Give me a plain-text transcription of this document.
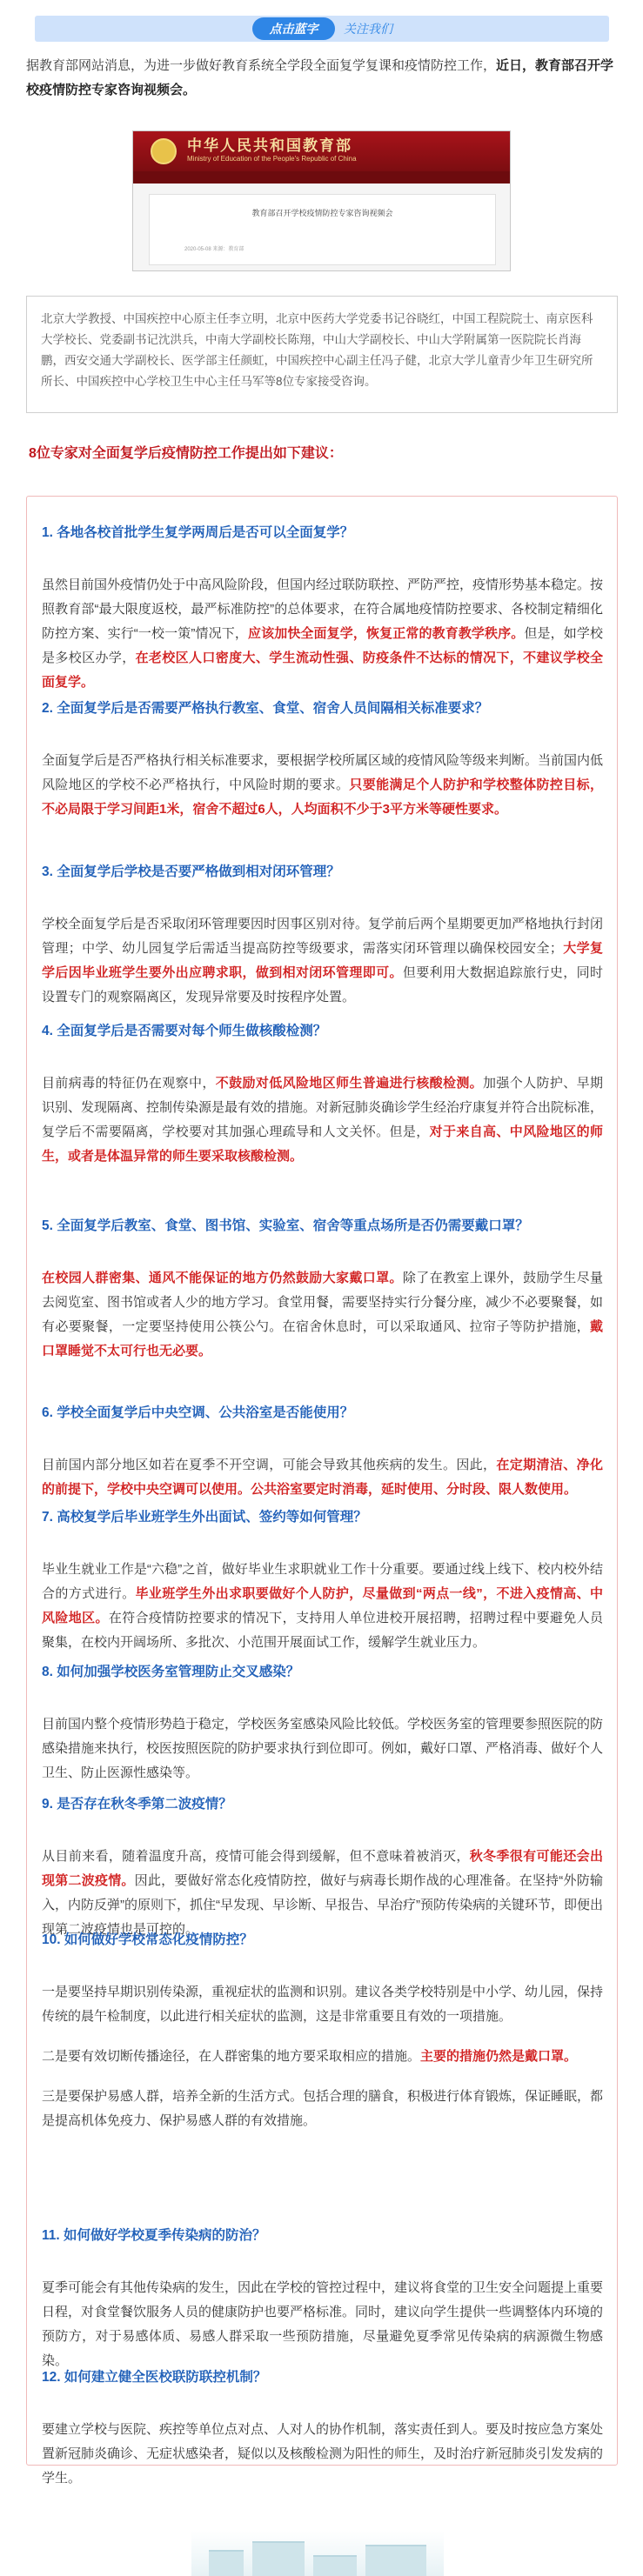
点击蓝字	关注我们

据教育部网站消息，为进一步做好教育系统全学段全面复学复课和疫情防控工作，近日，教育部召开学校疫情防控专家咨询视频会。

中华人民共和国教育部
Ministry of Education of the People's Republic of China
教育部召开学校疫情防控专家咨询视频会
2020-05-08 来源：教育部

北京大学教授、中国疾控中心原主任李立明，北京中医药大学党委书记谷晓红，中国工程院院士、南京医科大学校长、党委副书记沈洪兵，中南大学副校长陈翔，中山大学副校长、中山大学附属第一医院院长肖海鹏，西安交通大学副校长、医学部主任颜虹，中国疾控中心副主任冯子健，北京大学儿童青少年卫生研究所所长、中国疾控中心学校卫生中心主任马军等8位专家接受咨询。

8位专家对全面复学后疫情防控工作提出如下建议：
1. 各地各校首批学生复学两周后是否可以全面复学？

虽然目前国外疫情仍处于中高风险阶段，但国内经过联防联控、严防严控，疫情形势基本稳定。按照教育部“最大限度返校，最严标准防控”的总体要求，在符合属地疫情防控要求、各校制定精细化防控方案、实行“一校一策”情况下，应该加快全面复学，恢复正常的教育教学秩序。但是，如学校是多校区办学，在老校区人口密度大、学生流动性强、防疫条件不达标的情况下，不建议学校全面复学。

2. 全面复学后是否需要严格执行教室、食堂、宿舍人员间隔相关标准要求？

全面复学后是否严格执行相关标准要求，要根据学校所属区域的疫情风险等级来判断。当前国内低风险地区的学校不必严格执行，中风险时期的要求。只要能满足个人防护和学校整体防控目标，不必局限于学习间距1米，宿舍不超过6人，人均面积不少于3平方米等硬性要求。

3. 全面复学后学校是否要严格做到相对闭环管理？

学校全面复学后是否采取闭环管理要因时因事区别对待。复学前后两个星期要更加严格地执行封闭管理；中学、幼儿园复学后需适当提高防控等级要求，需落实闭环管理以确保校园安全；大学复学后因毕业班学生要外出应聘求职，做到相对闭环管理即可。但要利用大数据追踪旅行史，同时设置专门的观察隔离区，发现异常要及时按程序处置。

4. 全面复学后是否需要对每个师生做核酸检测？

目前病毒的特征仍在观察中，不鼓励对低风险地区师生普遍进行核酸检测。加强个人防护、早期识别、发现隔离、控制传染源是最有效的措施。对新冠肺炎确诊学生经治疗康复并符合出院标准，复学后不需要隔离，学校要对其加强心理疏导和人文关怀。但是，对于来自高、中风险地区的师生，或者是体温异常的师生要采取核酸检测。

5. 全面复学后教室、食堂、图书馆、实验室、宿舍等重点场所是否仍需要戴口罩？

在校园人群密集、通风不能保证的地方仍然鼓励大家戴口罩。除了在教室上课外，鼓励学生尽量去阅览室、图书馆或者人少的地方学习。食堂用餐，需要坚持实行分餐分座，减少不必要聚餐，如有必要聚餐，一定要坚持使用公筷公勺。在宿舍休息时，可以采取通风、拉帘子等防护措施，戴口罩睡觉不太可行也无必要。

6. 学校全面复学后中央空调、公共浴室是否能使用？

目前国内部分地区如若在夏季不开空调，可能会导致其他疾病的发生。因此，在定期清洁、净化的前提下，学校中央空调可以使用。公共浴室要定时消毒，延时使用、分时段、限人数使用。

7. 高校复学后毕业班学生外出面试、签约等如何管理？

毕业生就业工作是“六稳”之首，做好毕业生求职就业工作十分重要。要通过线上线下、校内校外结合的方式进行。毕业班学生外出求职要做好个人防护，尽量做到“两点一线”，不进入疫情高、中风险地区。在符合疫情防控要求的情况下，支持用人单位进校开展招聘，招聘过程中要避免人员聚集，在校内开阔场所、多批次、小范围开展面试工作，缓解学生就业压力。

8. 如何加强学校医务室管理防止交叉感染？

目前国内整个疫情形势趋于稳定，学校医务室感染风险比较低。学校医务室的管理要参照医院的防感染措施来执行，校医按照医院的防护要求执行到位即可。例如，戴好口罩、严格消毒、做好个人卫生、防止医源性感染等。

9. 是否存在秋冬季第二波疫情？

从目前来看，随着温度升高，疫情可能会得到缓解，但不意味着被消灭，秋冬季很有可能还会出现第二波疫情。因此，要做好常态化疫情防控，做好与病毒长期作战的心理准备。在坚持“外防输入，内防反弹”的原则下，抓住“早发现、早诊断、早报告、早治疗”预防传染病的关键环节，即便出现第二波疫情也是可控的。

10. 如何做好学校常态化疫情防控？

一是要坚持早期识别传染源，重视症状的监测和识别。建议各类学校特别是中小学、幼儿园，保持传统的晨午检制度，以此进行相关症状的监测，这是非常重要且有效的一项措施。
二是要有效切断传播途径，在人群密集的地方要采取相应的措施。主要的措施仍然是戴口罩。
三是要保护易感人群，培养全新的生活方式。包括合理的膳食，积极进行体育锻炼，保证睡眠，都是提高机体免疫力、保护易感人群的有效措施。

11. 如何做好学校夏季传染病的防治？

夏季可能会有其他传染病的发生，因此在学校的管控过程中，建议将食堂的卫生安全问题提上重要日程，对食堂餐饮服务人员的健康防护也要严格标准。同时，建议向学生提供一些调整体内环境的预防方，对于易感体质、易感人群采取一些预防措施，尽量避免夏季常见传染病的病源微生物感染。

12. 如何建立健全医校联防联控机制？

要建立学校与医院、疾控等单位点对点、人对人的协作机制，落实责任到人。要及时按应急方案处置新冠肺炎确诊、无症状感染者，疑似以及核酸检测为阳性的师生，及时治疗新冠肺炎引发发病的学生。
